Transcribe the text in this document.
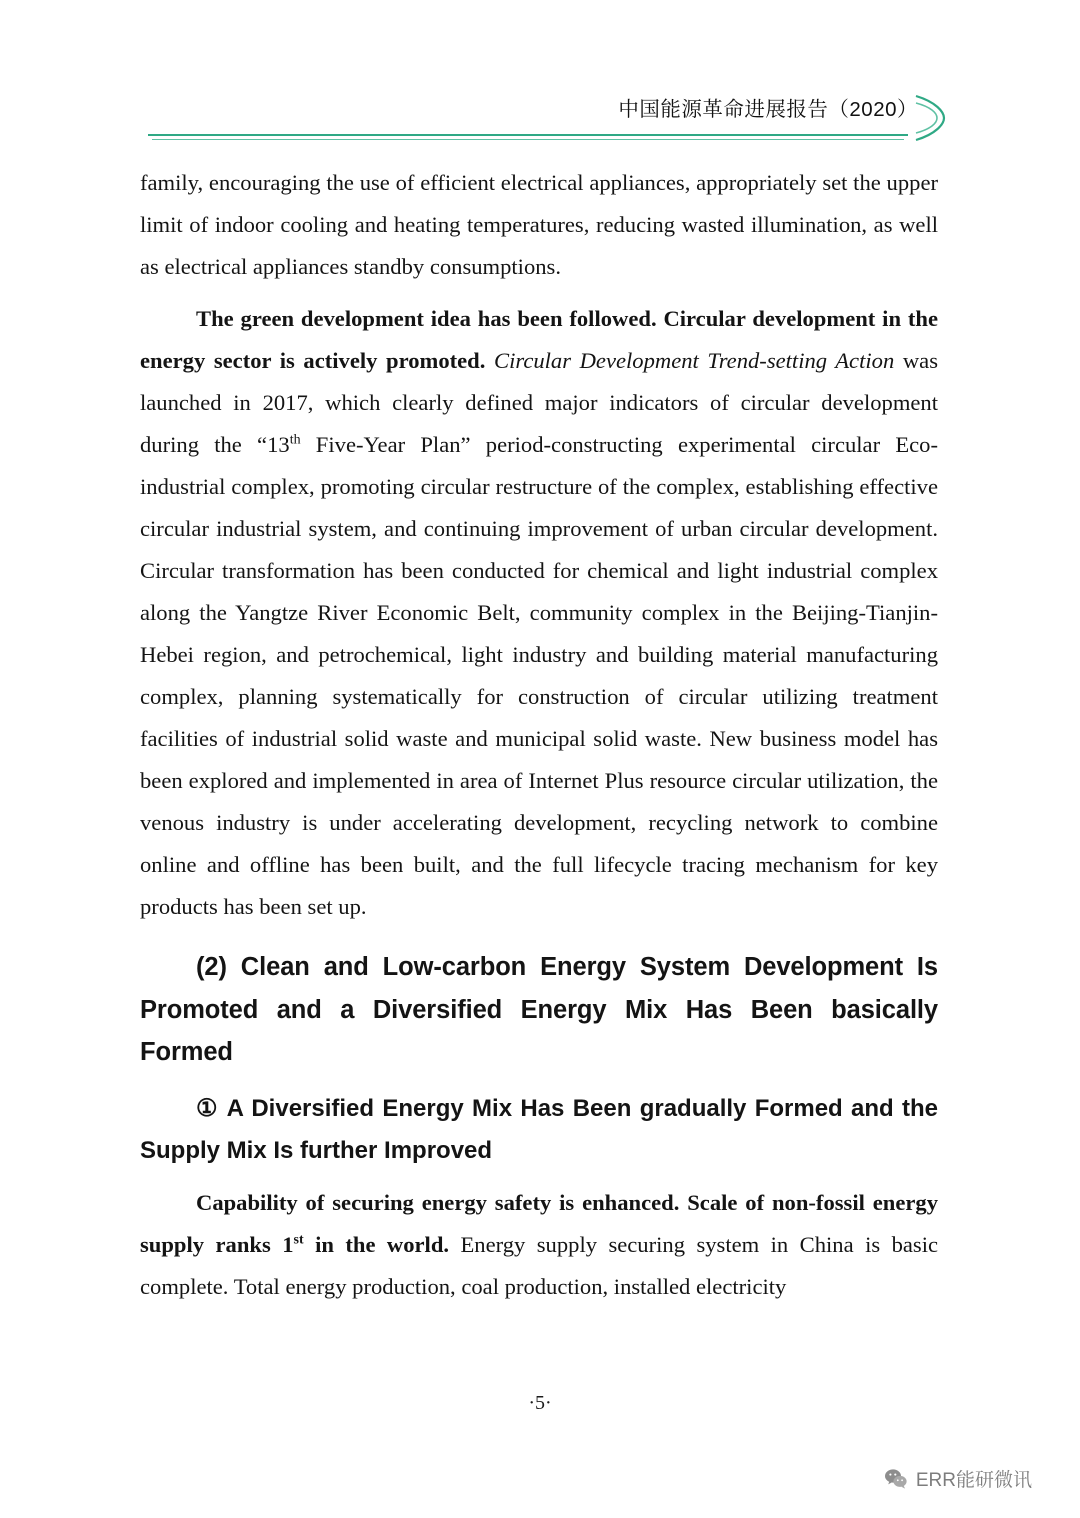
中国能源革命进展报告（2020）

family, encouraging the use of efficient electrical appliances, appropriately set the upper limit of indoor cooling and heating temperatures, reducing wasted illumination, as well as electrical appliances standby consumptions.

The green development idea has been followed. Circular development in the energy sector is actively promoted. Circular Development Trend-setting Action was launched in 2017, which clearly defined major indicators of circular development during the “13th Five-Year Plan” period-constructing experimental circular Eco-industrial complex, promoting circular restructure of the complex, establishing effective circular industrial system, and continuing improvement of urban circular development. Circular transformation has been conducted for chemical and light industrial complex along the Yangtze River Economic Belt, community complex in the Beijing-Tianjin-Hebei region, and petrochemical, light industry and building material manufacturing complex, planning systematically for construction of circular utilizing treatment facilities of industrial solid waste and municipal solid waste. New business model has been explored and implemented in area of Internet Plus resource circular utilization, the venous industry is under accelerating development, recycling network to combine online and offline has been built, and the full lifecycle tracing mechanism for key products has been set up.

(2) Clean and Low-carbon Energy System Development Is Promoted and a Diversified Energy Mix Has Been basically Formed
① A Diversified Energy Mix Has Been gradually Formed and the Supply Mix Is further Improved

Capability of securing energy safety is enhanced. Scale of non-fossil energy supply ranks 1st in the world. Energy supply securing system in China is basic complete. Total energy production, coal production, installed electricity

·5·
ERR能研微讯
